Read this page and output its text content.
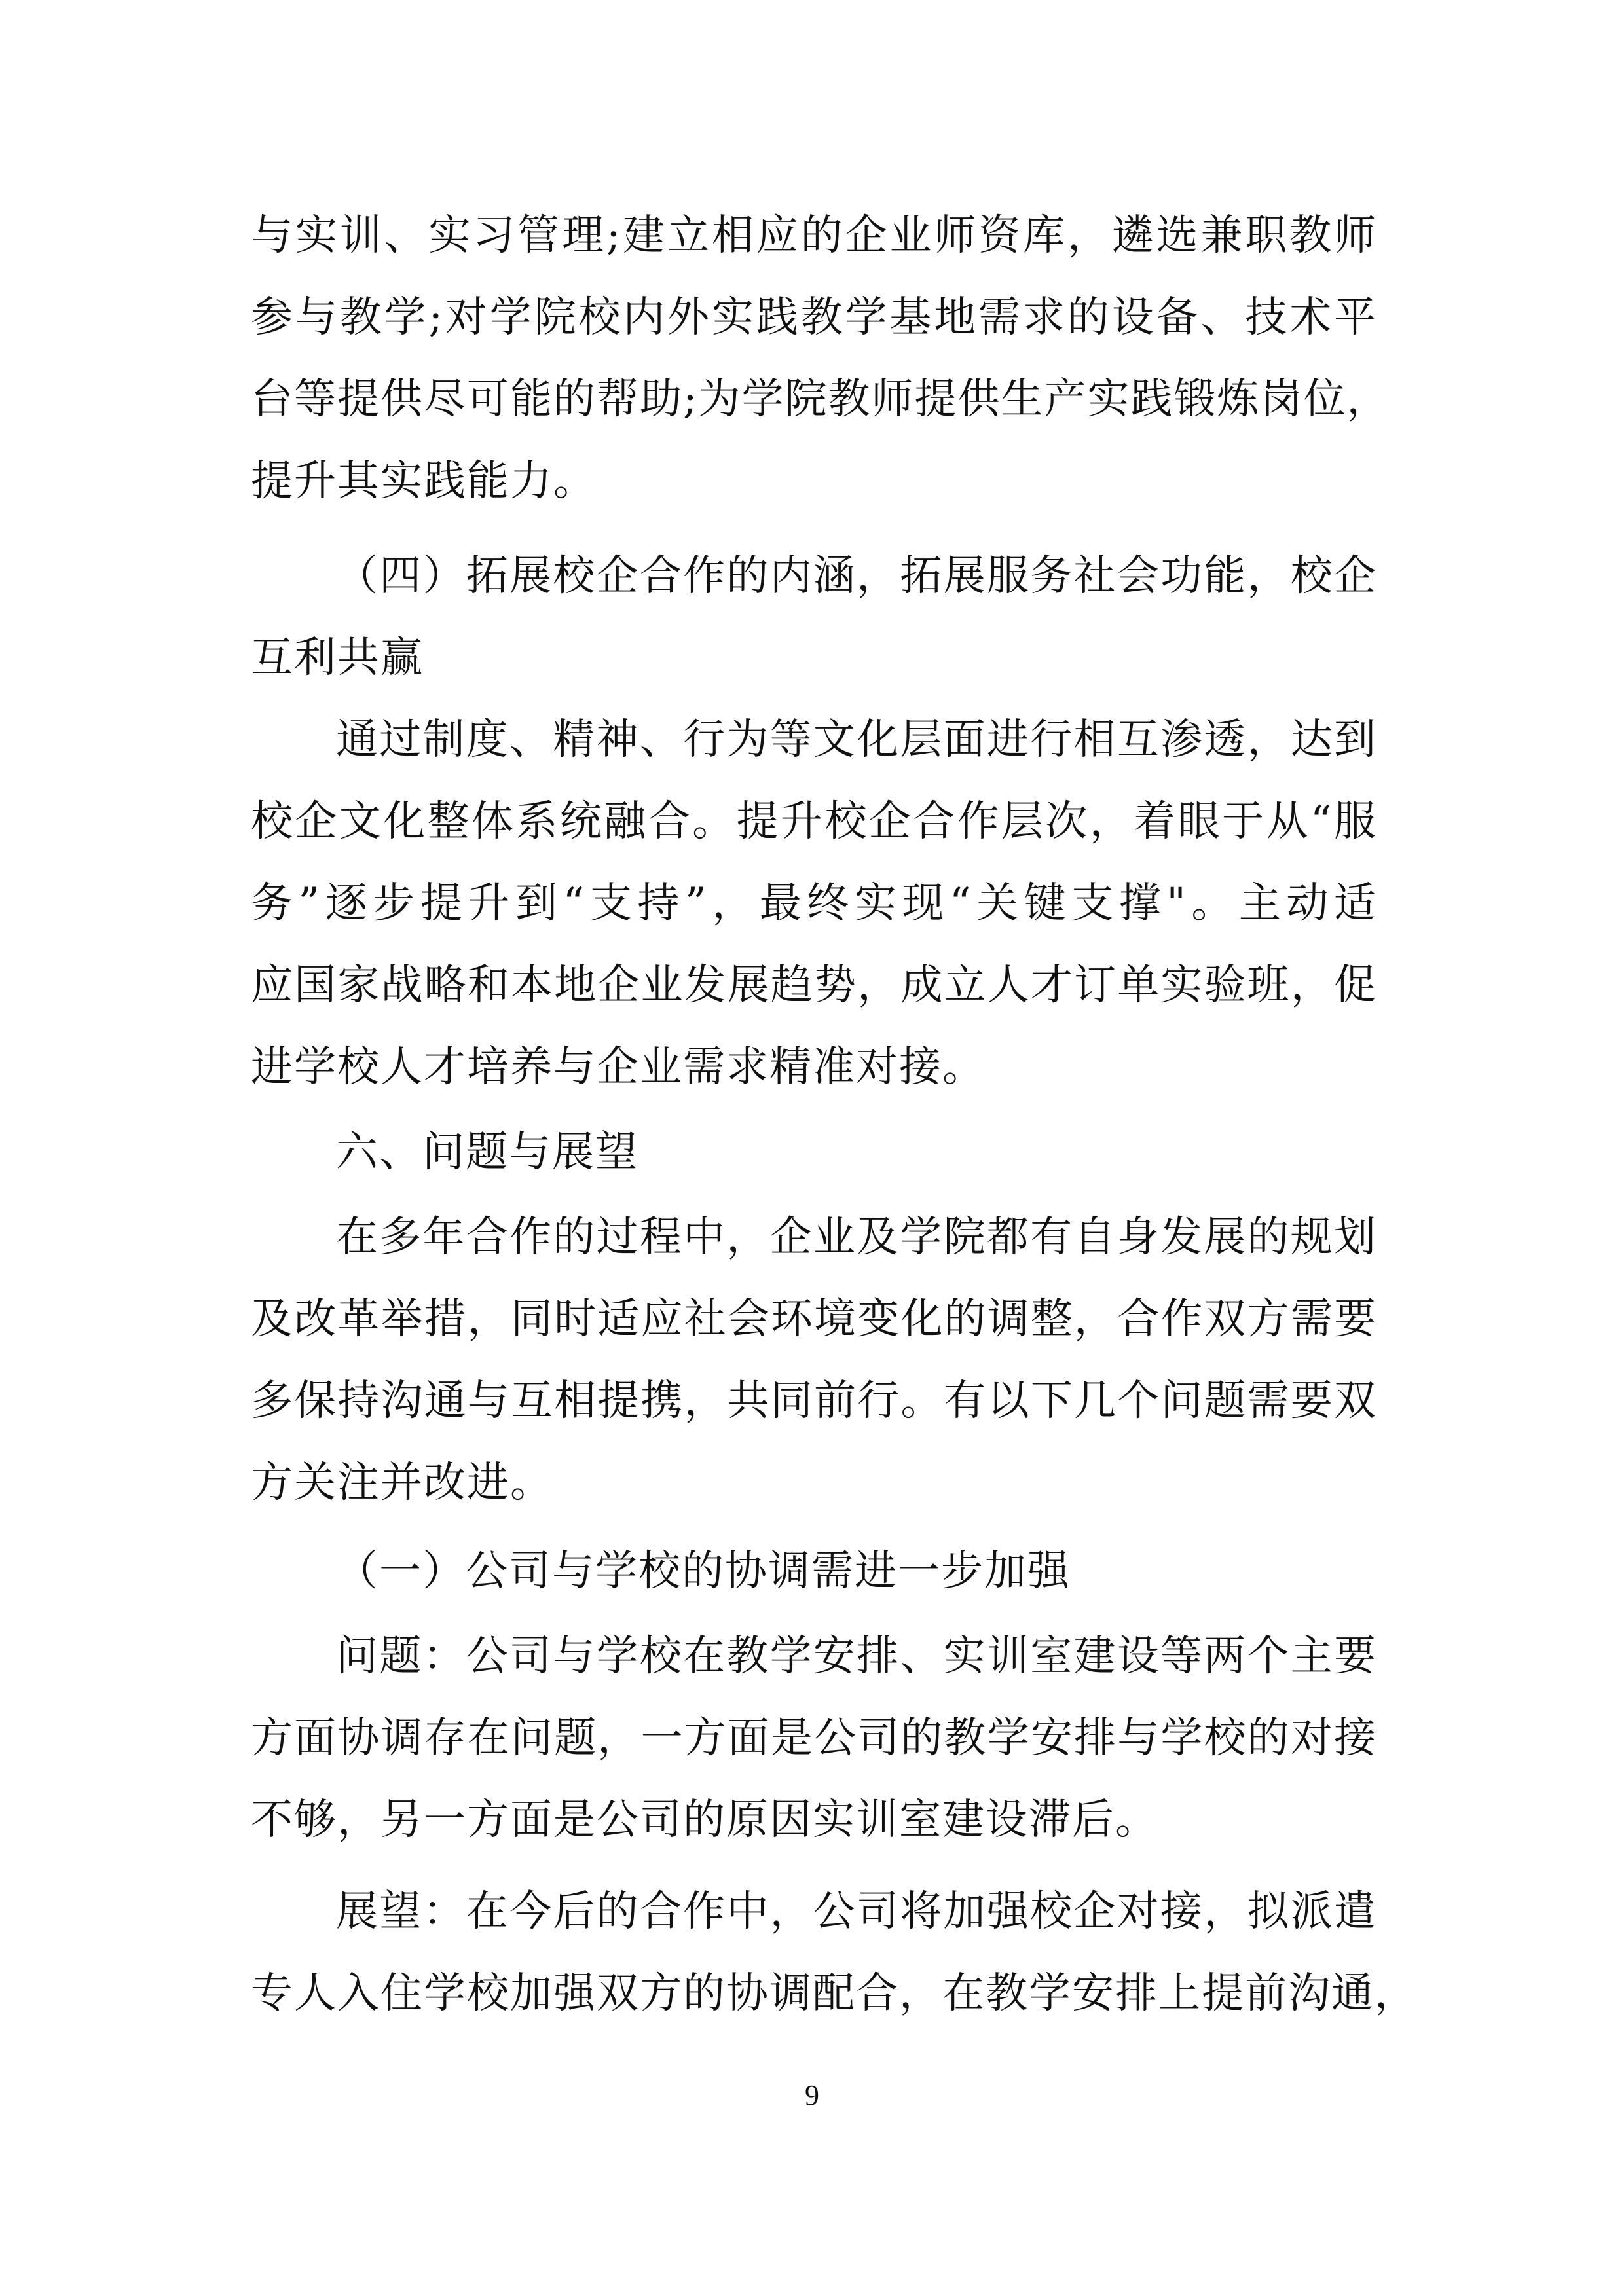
与实训、实习管理;建立相应的企业师资库，遴选兼职教师
参与教学;对学院校内外实践教学基地需求的设备、技术平
台等提供尽可能的帮助;为学院教师提供生产实践锻炼岗位，
提升其实践能力。
（四）拓展校企合作的内涵，拓展服务社会功能，校企
互利共赢
通过制度、精神、行为等文化层面进行相互渗透，达到
校企文化整体系统融合。提升校企合作层次，着眼于从“服
务”逐步提升到“支持”，最终实现“关键支撑"。主动适
应国家战略和本地企业发展趋势，成立人才订单实验班，促
进学校人才培养与企业需求精准对接。
六、问题与展望
在多年合作的过程中，企业及学院都有自身发展的规划
及改革举措，同时适应社会环境变化的调整，合作双方需要
多保持沟通与互相提携，共同前行。有以下几个问题需要双
方关注并改进。
（一）公司与学校的协调需进一步加强
问题：公司与学校在教学安排、实训室建设等两个主要
方面协调存在问题，一方面是公司的教学安排与学校的对接
不够，另一方面是公司的原因实训室建设滞后。
展望：在今后的合作中，公司将加强校企对接，拟派遣
专人入住学校加强双方的协调配合，在教学安排上提前沟通，
9
